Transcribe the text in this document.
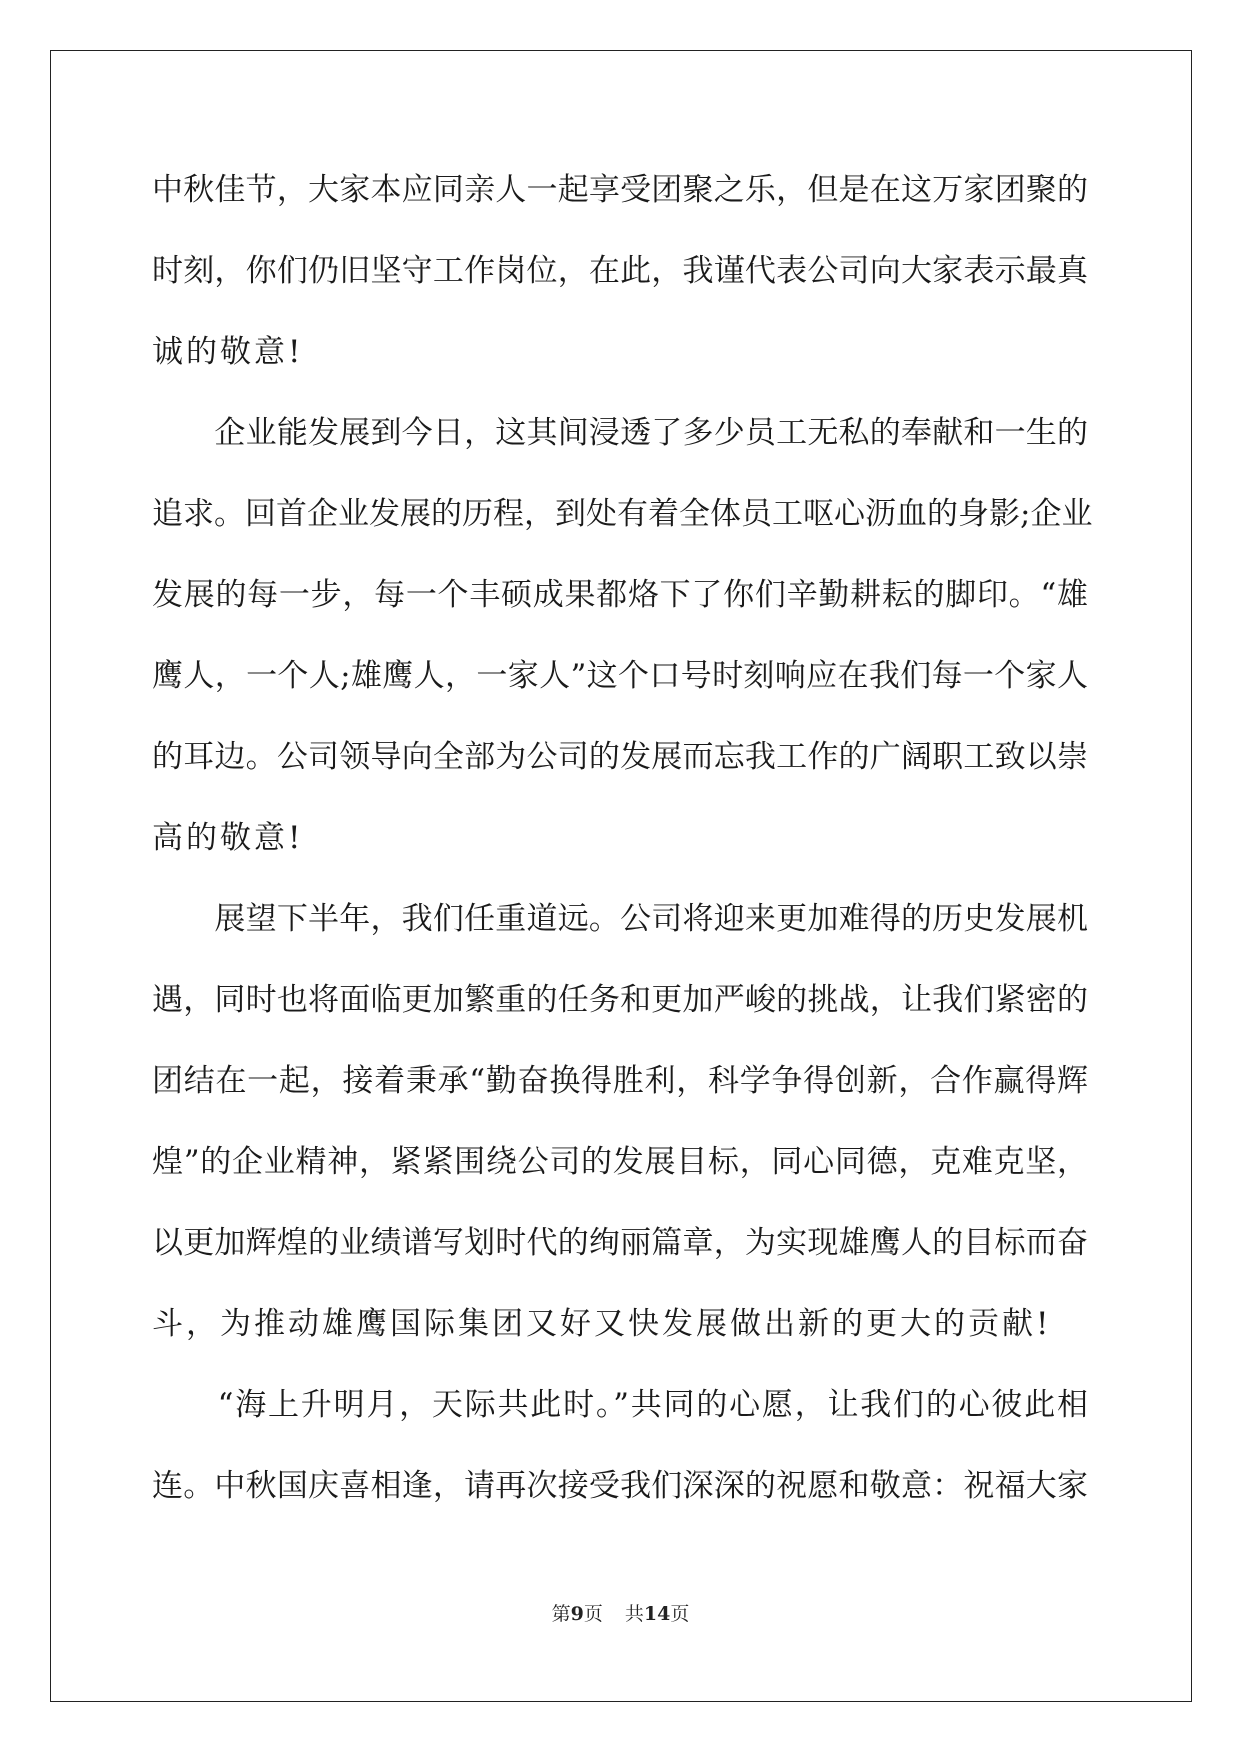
中秋佳节，大家本应同亲人一起享受团聚之乐，但是在这万家团聚的
时刻，你们仍旧坚守工作岗位，在此，我谨代表公司向大家表示最真
诚的敬意!
　　企业能发展到今日，这其间浸透了多少员工无私的奉献和一生的
追求。回首企业发展的历程，到处有着全体员工呕心沥血的身影;企业
发展的每一步，每一个丰硕成果都烙下了你们辛勤耕耘的脚印。“雄
鹰人，一个人;雄鹰人，一家人”这个口号时刻响应在我们每一个家人
的耳边。公司领导向全部为公司的发展而忘我工作的广阔职工致以崇
高的敬意!
　　展望下半年，我们任重道远。公司将迎来更加难得的历史发展机
遇，同时也将面临更加繁重的任务和更加严峻的挑战，让我们紧密的
团结在一起，接着秉承“勤奋换得胜利，科学争得创新，合作赢得辉
煌”的企业精神，紧紧围绕公司的发展目标，同心同德，克难克坚，
以更加辉煌的业绩谱写划时代的绚丽篇章，为实现雄鹰人的目标而奋
斗，为推动雄鹰国际集团又好又快发展做出新的更大的贡献!
　　“海上升明月，天际共此时。”共同的心愿，让我们的心彼此相
连。中秋国庆喜相逢，请再次接受我们深深的祝愿和敬意：祝福大家
第9页 共14页
